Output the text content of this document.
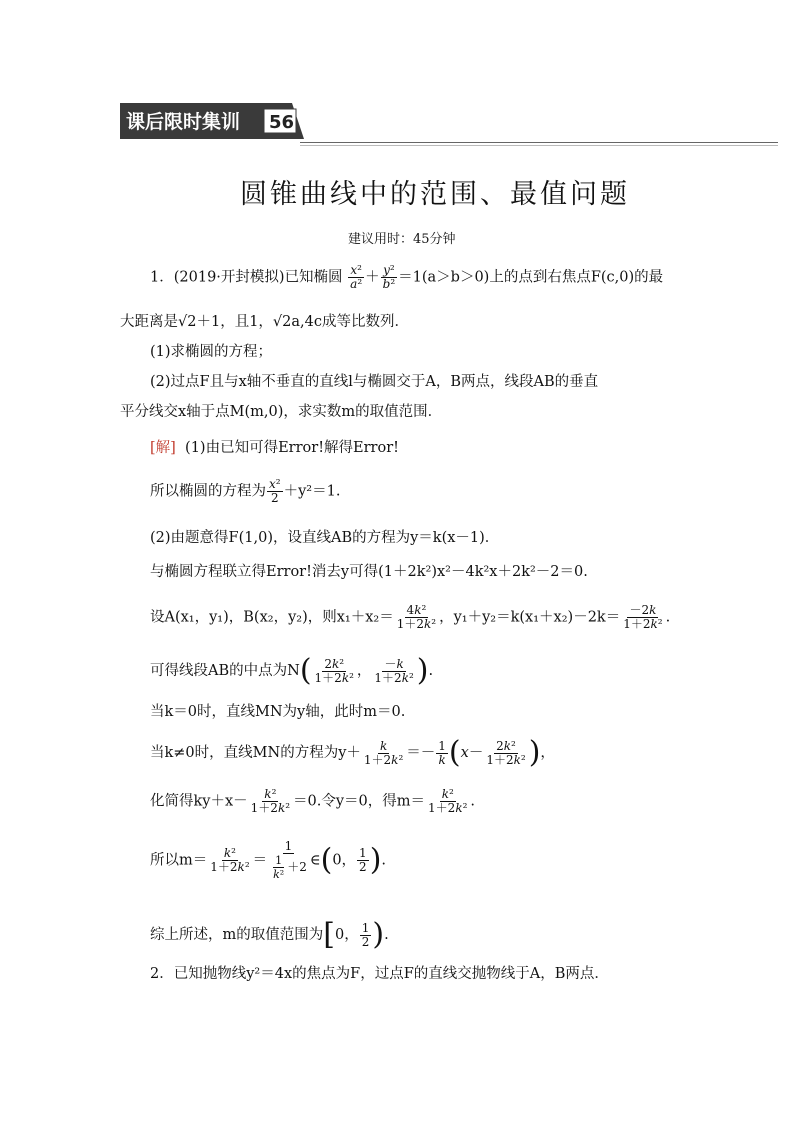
课后限时集训 56
圆锥曲线中的范围、最值问题
建议用时：45分钟
1．(2019·开封模拟)已知椭圆 $\frac{\text{x²}}{\text{a²}} + \frac{\text{y²}}{\text{b²}} =1(a>b>0)$上的点到右焦点F(c,0)的最
大距离是√2＋1，且1，√2a,4c成等比数列．
(1)求椭圆的方程；
(2)过点F且与x轴不垂直的直线l与椭圆交于A，B两点，线段AB的垂直
平分线交x轴于点M(m,0)，求实数m的取值范围．
[解] (1)由已知可得Error!解得Error!
所以椭圆的方程为 $\frac{\text{x²}}{2} +y^2=1$.
(2)由题意得F(1,0)，设直线AB的方程为y＝k(x－1)．
与椭圆方程联立得Error!消去y可得(1＋2k²)x²－4k²x＋2k²－2＝0.
设A(x₁，y₁)，B(x₂，y₂)，则$x_1+x_2= \frac{\text{4k²}}{\text{1＋2k²}}$ ，$y_1+y_2=k(x_1+x_2)-2k= \frac{-2k}{\text{1＋2k²}}$ .
可得线段AB的中点为$N( \frac{\text{2k²}}{\text{1＋2k²}}$ ， $\frac{-k}{\text{1＋2k²}}$ ).
当k＝0时，直线MN为y轴，此时m＝0.
当k≠0时，直线MN的方程为$y+ \frac{k}{\text{1＋2k²}} =- \frac{1}{k} (x- \frac{\text{2k²}}{\text{1＋2k²}}$ )，
化简得$ky+x- \frac{\text{k²}}{\text{1＋2k²}} =0$.令y＝0，得$m= \frac{\text{k²}}{\text{1＋2k²}}$ .
所以$m= \frac{\text{k²}}{\text{1＋2k²}} = \frac{1}{\frac{1}{\text{k²}} +2}$ ∈(0， $\frac{1}{2}$ ).
综上所述，m的取值范围为[0， $\frac{1}{2}$ ).
2．已知抛物线y²＝4x的焦点为F，过点F的直线交抛物线于A，B两点．
